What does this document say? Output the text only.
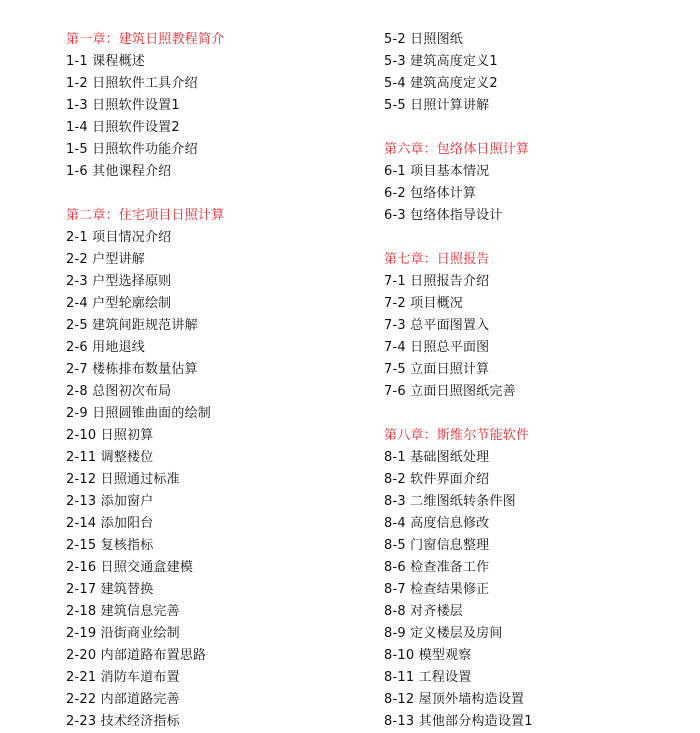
第一章：建筑日照教程简介
1-1 课程概述
1-2 日照软件工具介绍
1-3 日照软件设置1
1-4 日照软件设置2
1-5 日照软件功能介绍
1-6 其他课程介绍
第二章：住宅项目日照计算
2-1 项目情况介绍
2-2 户型讲解
2-3 户型选择原则
2-4 户型轮廓绘制
2-5 建筑间距规范讲解
2-6 用地退线
2-7 楼栋排布数量估算
2-8 总图初次布局
2-9 日照圆锥曲面的绘制
2-10 日照初算
2-11 调整楼位
2-12 日照通过标准
2-13 添加窗户
2-14 添加阳台
2-15 复核指标
2-16 日照交通盒建模
2-17 建筑替换
2-18 建筑信息完善
2-19 沿街商业绘制
2-20 内部道路布置思路
2-21 消防车道布置
2-22 内部道路完善
2-23 技术经济指标
5-2 日照图纸
5-3 建筑高度定义1
5-4 建筑高度定义2
5-5 日照计算讲解
第六章：包络体日照计算
6-1 项目基本情况
6-2 包络体计算
6-3 包络体指导设计
第七章：日照报告
7-1 日照报告介绍
7-2 项目概况
7-3 总平面图置入
7-4 日照总平面图
7-5 立面日照计算
7-6 立面日照图纸完善
第八章：斯维尔节能软件
8-1 基础图纸处理
8-2 软件界面介绍
8-3 二维图纸转条件图
8-4 高度信息修改
8-5 门窗信息整理
8-6 检查准备工作
8-7 检查结果修正
8-8 对齐楼层
8-9 定义楼层及房间
8-10 模型观察
8-11 工程设置
8-12 屋顶外墙构造设置
8-13 其他部分构造设置1
